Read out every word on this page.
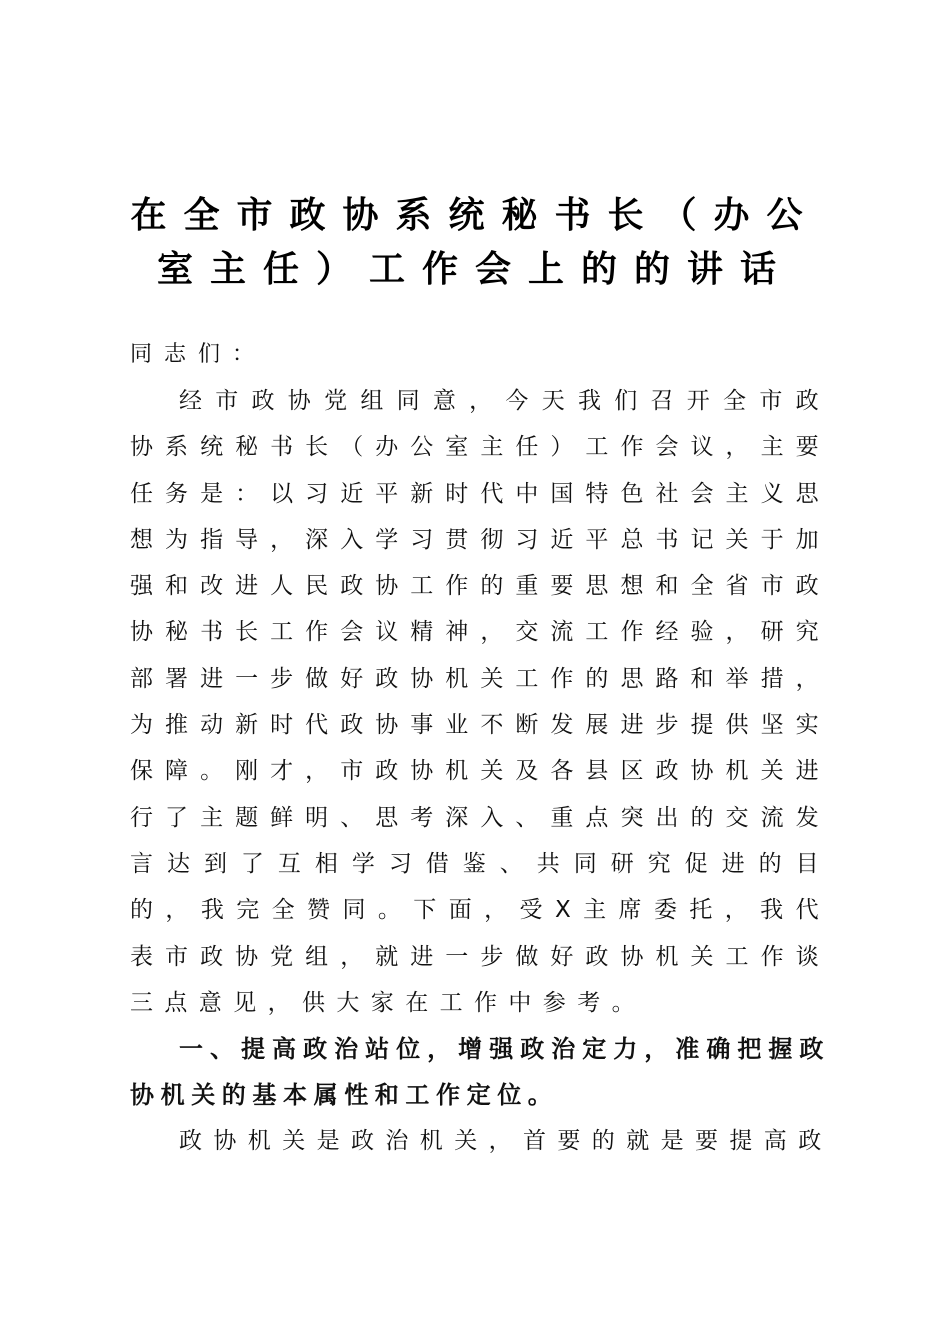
在全市政协系统秘书长（办公
室主任）工作会上的的讲话

同志们：

经市政协党组同意，今天我们召开全市政协系统秘书长（办公室主任）工作会议，主要任务是：以习近平新时代中国特色社会主义思想为指导，深入学习贯彻习近平总书记关于加强和改进人民政协工作的重要思想和全省市政协秘书长工作会议精神，交流工作经验，研究部署进一步做好政协机关工作的思路和举措，为推动新时代政协事业不断发展进步提供坚实保障。刚才，市政协机关及各县区政协机关进行了主题鲜明、思考深入、重点突出的交流发言达到了互相学习借鉴、共同研究促进的目的，我完全赞同。下面，受X主席委托，我代表市政协党组，就进一步做好政协机关工作谈三点意见，供大家在工作中参考。

一、提高政治站位，增强政治定力，准确把握政协机关的基本属性和工作定位。

政协机关是政治机关，首要的就是要提高政
